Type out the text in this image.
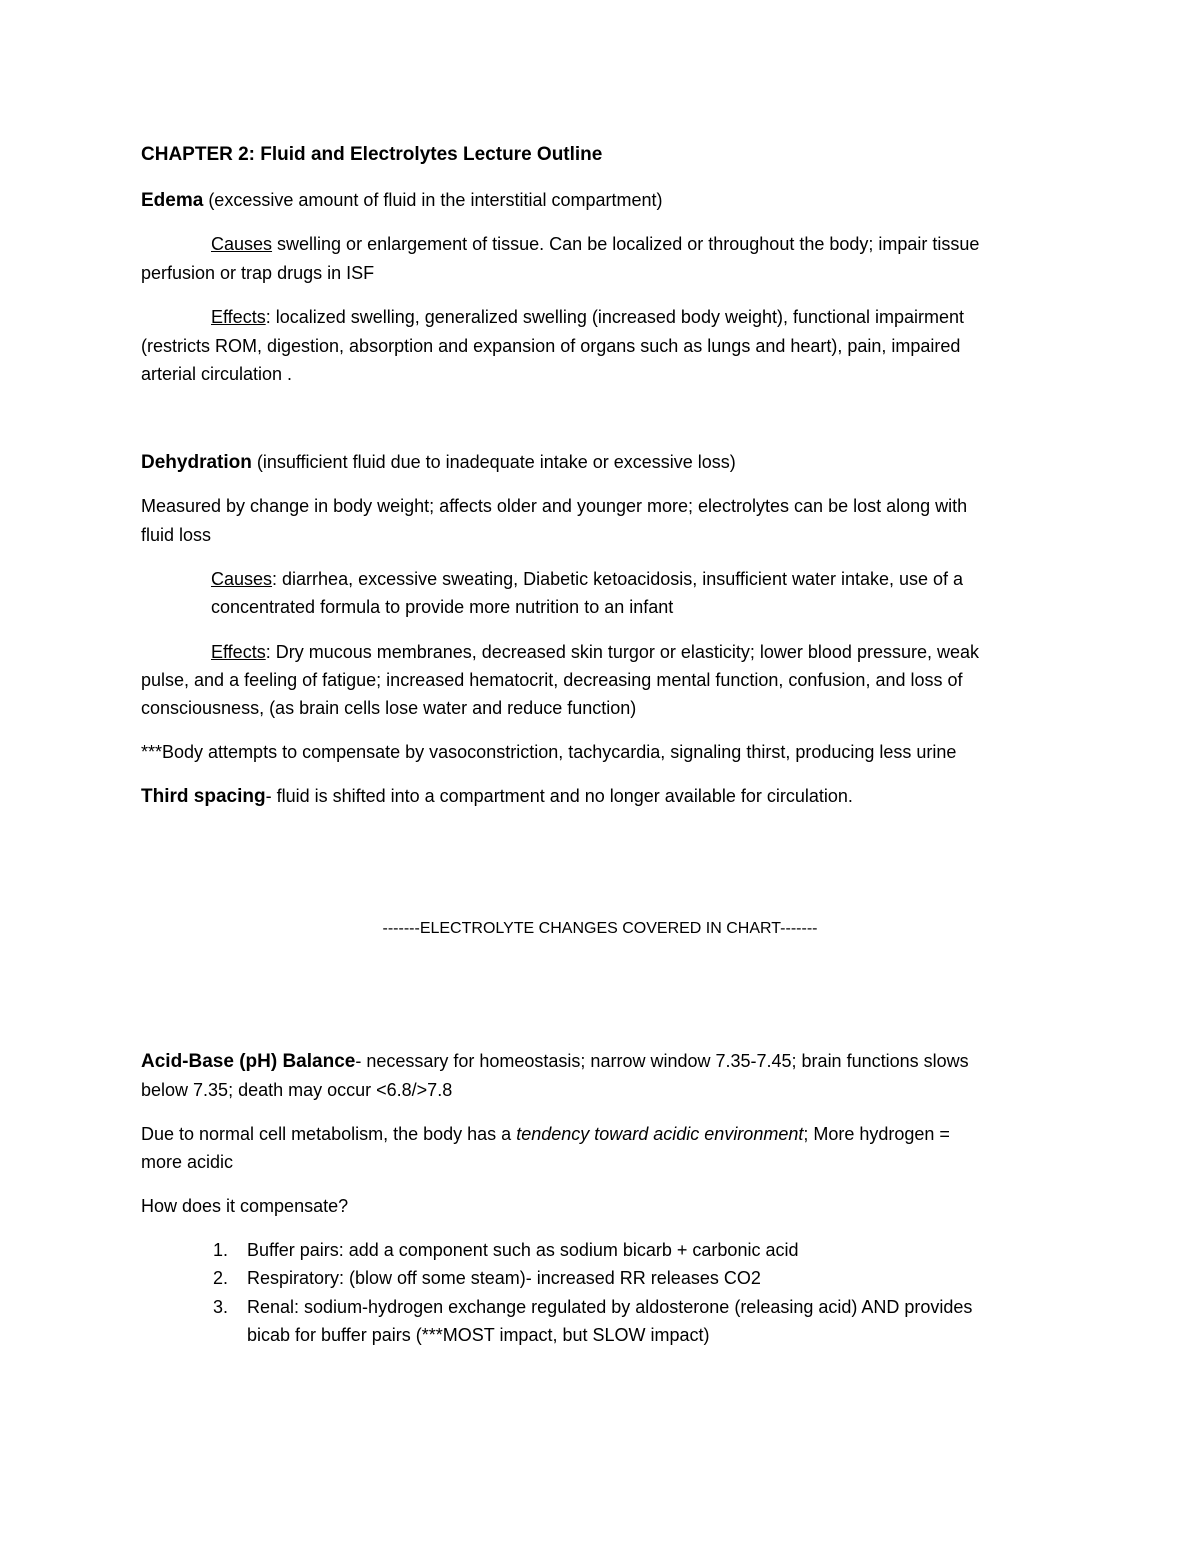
CHAPTER 2: Fluid and Electrolytes Lecture Outline
Edema (excessive amount of fluid in the interstitial compartment)
Causes swelling or enlargement of tissue. Can be localized or throughout the body; impair tissue
perfusion or trap drugs in ISF
Effects: localized swelling, generalized swelling (increased body weight), functional impairment
(restricts ROM, digestion, absorption and expansion of organs such as lungs and heart), pain, impaired
arterial circulation .
Dehydration (insufficient fluid due to inadequate intake or excessive loss)
Measured by change in body weight; affects older and younger more; electrolytes can be lost along with
fluid loss
Causes: diarrhea, excessive sweating, Diabetic ketoacidosis, insufficient water intake, use of a
concentrated formula to provide more nutrition to an infant
Effects: Dry mucous membranes, decreased skin turgor or elasticity; lower blood pressure, weak
pulse, and a feeling of fatigue; increased hematocrit, decreasing mental function, confusion, and loss of
consciousness, (as brain cells lose water and reduce function)
***Body attempts to compensate by vasoconstriction, tachycardia, signaling thirst, producing less urine
Third spacing- fluid is shifted into a compartment and no longer available for circulation.
-------ELECTROLYTE CHANGES COVERED IN CHART-------
Acid-Base (pH) Balance- necessary for homeostasis; narrow window 7.35-7.45; brain functions slows
below 7.35; death may occur <6.8/>7.8
Due to normal cell metabolism, the body has a tendency toward acidic environment; More hydrogen =
more acidic
How does it compensate?
1. Buffer pairs: add a component such as sodium bicarb + carbonic acid
2. Respiratory: (blow off some steam)- increased RR releases CO2
3. Renal: sodium-hydrogen exchange regulated by aldosterone (releasing acid) AND provides
bicab for buffer pairs (***MOST impact, but SLOW impact)
